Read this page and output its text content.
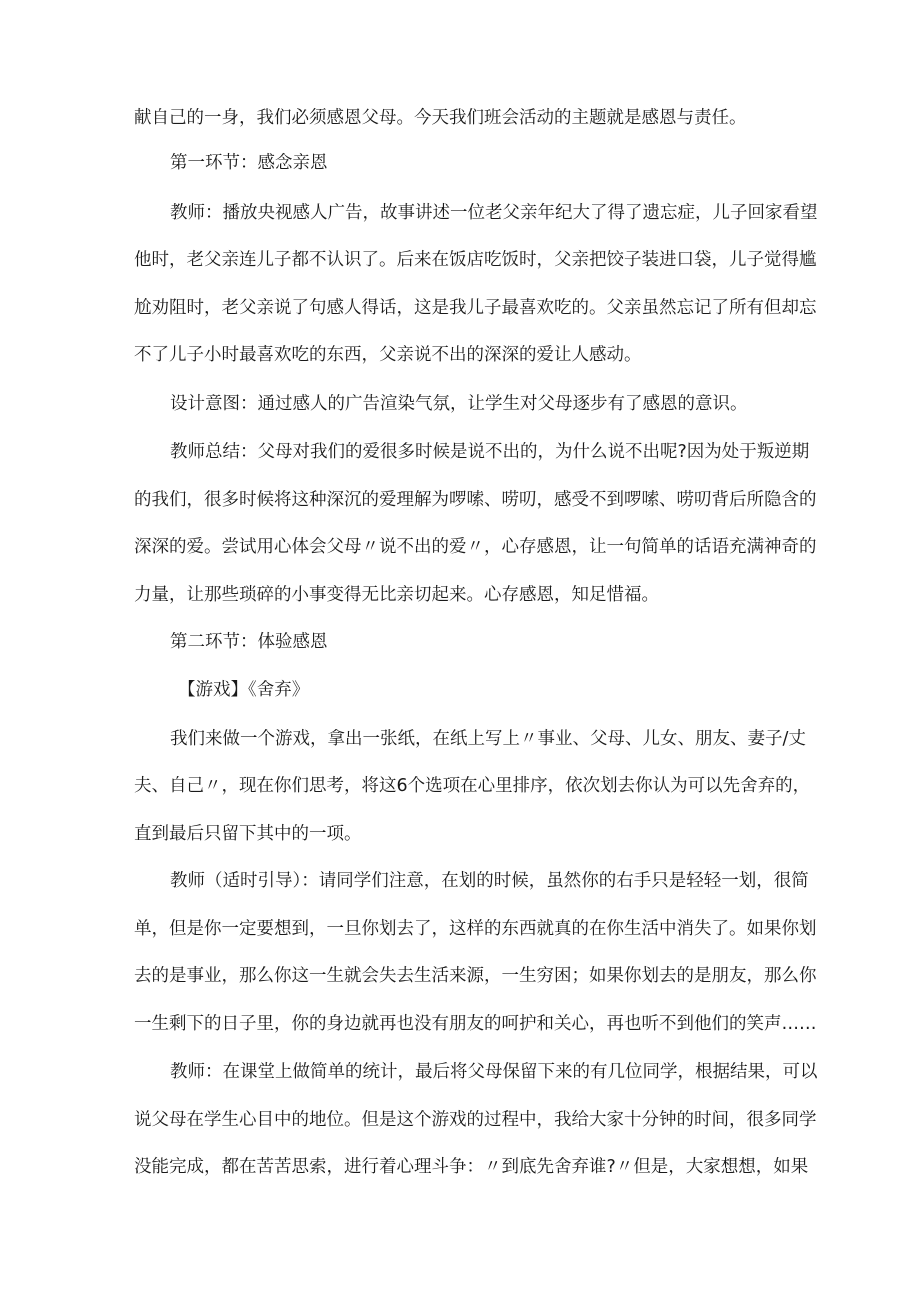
献自己的一身，我们必须感恩父母。今天我们班会活动的主题就是感恩与责任。
第一环节：感念亲恩
教师：播放央视感人广告，故事讲述一位老父亲年纪大了得了遗忘症，儿子回家看望
他时，老父亲连儿子都不认识了。后来在饭店吃饭时，父亲把饺子装进口袋，儿子觉得尴
尬劝阻时，老父亲说了句感人得话，这是我儿子最喜欢吃的。父亲虽然忘记了所有但却忘
不了儿子小时最喜欢吃的东西，父亲说不出的深深的爱让人感动。
设计意图：通过感人的广告渲染气氛，让学生对父母逐步有了感恩的意识。
教师总结：父母对我们的爱很多时候是说不出的，为什么说不出呢?因为处于叛逆期
的我们，很多时候将这种深沉的爱理解为啰嗦、唠叨，感受不到啰嗦、唠叨背后所隐含的
深深的爱。尝试用心体会父母〃说不出的爱〃，心存感恩，让一句简单的话语充满神奇的
力量，让那些琐碎的小事变得无比亲切起来。心存感恩，知足惜福。
第二环节：体验感恩
【游戏】《舍弃》
我们来做一个游戏，拿出一张纸，在纸上写上〃事业、父母、儿女、朋友、妻子/丈
夫、自己〃，现在你们思考，将这6个选项在心里排序，依次划去你认为可以先舍弃的，
直到最后只留下其中的一项。
教师（适时引导）：请同学们注意，在划的时候，虽然你的右手只是轻轻一划，很简
单，但是你一定要想到，一旦你划去了，这样的东西就真的在你生活中消失了。如果你划
去的是事业，那么你这一生就会失去生活来源，一生穷困；如果你划去的是朋友，那么你
一生剩下的日子里，你的身边就再也没有朋友的呵护和关心，再也听不到他们的笑声……
教师：在课堂上做简单的统计，最后将父母保留下来的有几位同学，根据结果，可以
说父母在学生心目中的地位。但是这个游戏的过程中，我给大家十分钟的时间，很多同学
没能完成，都在苦苦思索，进行着心理斗争：〃到底先舍弃谁?〃但是，大家想想，如果
